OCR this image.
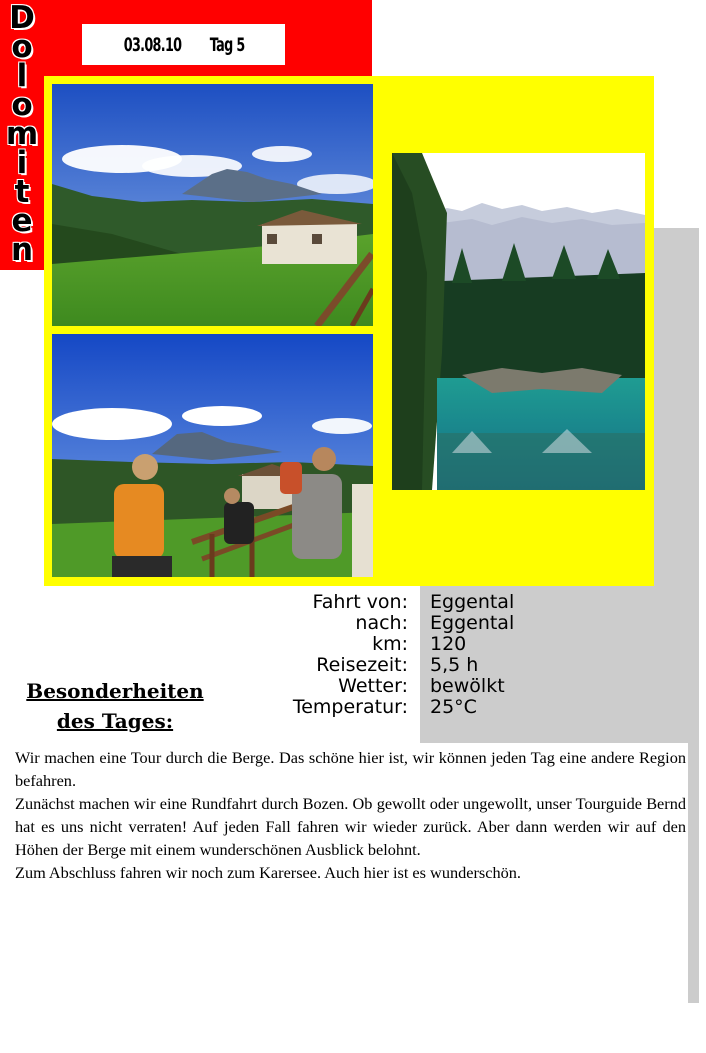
03.08.10 Tag 5
D
o
l
o
m
i
t
e
n
Fahrt von:	Eggental
nach:	Eggental
km:	120
Reisezeit:	5,5 h
Wetter:	bewölkt
Temperatur:	25°C
Besonderheiten
des Tages:

Wir machen eine Tour durch die Berge. Das schöne hier ist, wir können jeden Tag eine andere Region befahren.

Zunächst machen wir eine Rundfahrt durch Bozen. Ob gewollt oder ungewollt, unser Tourguide Bernd hat es uns nicht verraten! Auf jeden Fall fahren wir wieder zurück. Aber dann werden wir auf den Höhen der Berge mit einem wunderschönen Ausblick belohnt.

Zum Abschluss fahren wir noch zum Karersee. Auch hier ist es wunderschön.
